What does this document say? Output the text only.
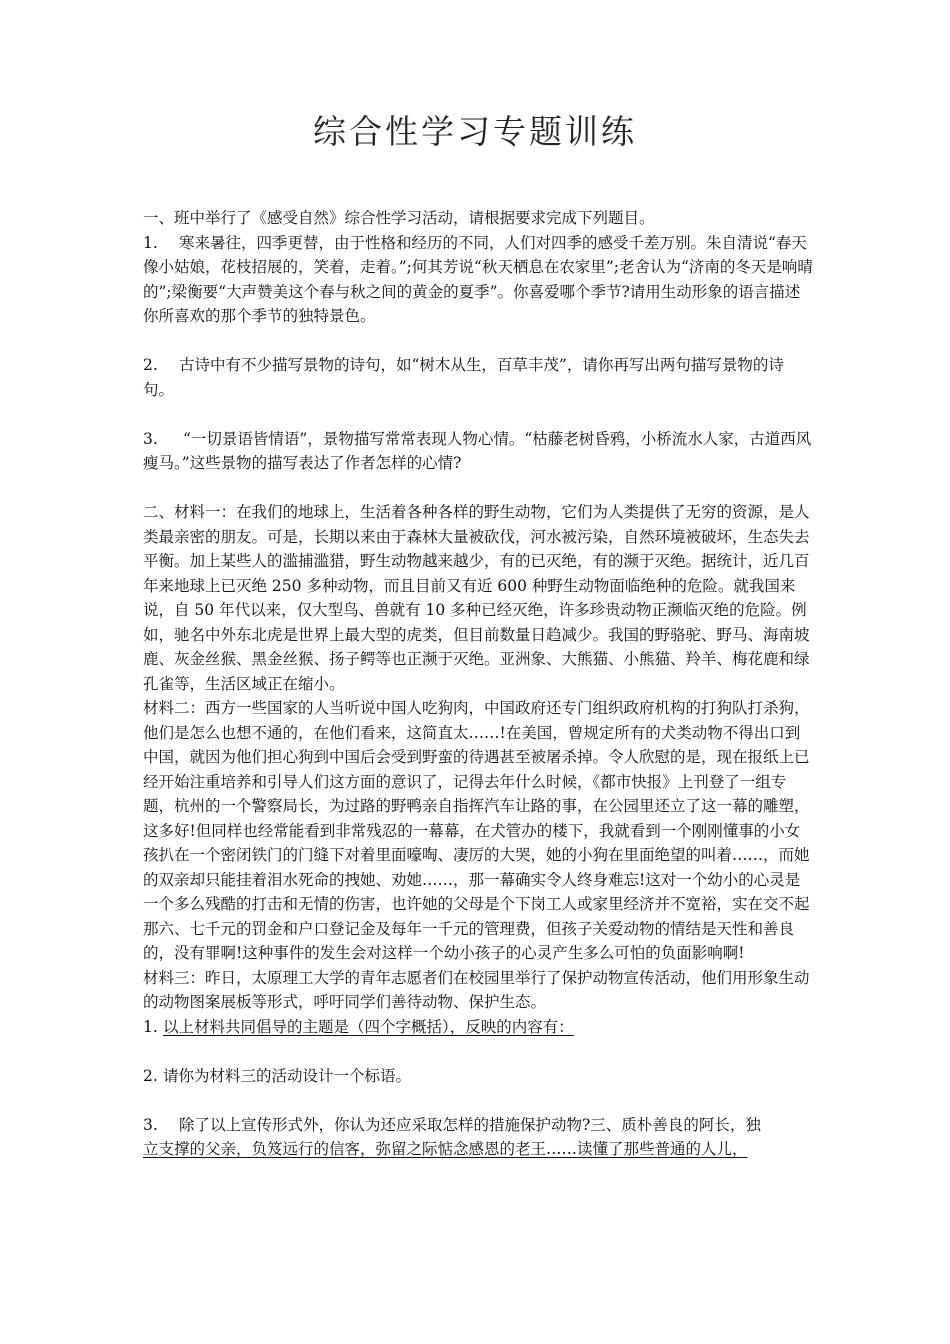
综合性学习专题训练

一、班中举行了《感受自然》综合性学习活动，请根据要求完成下列题目。

1. 寒来暑往，四季更替，由于性格和经历的不同，人们对四季的感受千差万别。朱自清说“春天像小姑娘，花枝招展的，笑着，走着。”;何其芳说“秋天栖息在农家里”;老舍认为“济南的冬天是响晴的”;梁衡要“大声赞美这个春与秋之间的黄金的夏季”。你喜爱哪个季节?请用生动形象的语言描述你所喜欢的那个季节的独特景色。

2. 古诗中有不少描写景物的诗句，如“树木从生，百草丰茂”，请你再写出两句描写景物的诗句。

3. “一切景语皆情语”，景物描写常常表现人物心情。“枯藤老树昏鸦，小桥流水人家，古道西风瘦马。”这些景物的描写表达了作者怎样的心情?

二、材料一：在我们的地球上，生活着各种各样的野生动物，它们为人类提供了无穷的资源，是人类最亲密的朋友。可是，长期以来由于森林大量被砍伐，河水被污染，自然环境被破坏，生态失去平衡。加上某些人的滥捕滥猎，野生动物越来越少，有的已灭绝，有的濒于灭绝。据统计，近几百年来地球上已灭绝 250 多种动物，而且目前又有近 600 种野生动物面临绝种的危险。就我国来说，自 50 年代以来，仅大型鸟、兽就有 10 多种已经灭绝，许多珍贵动物正濒临灭绝的危险。例如，驰名中外东北虎是世界上最大型的虎类，但目前数量日趋减少。我国的野骆驼、野马、海南坡鹿、灰金丝猴、黑金丝猴、扬子鳄等也正濒于灭绝。亚洲象、大熊猫、小熊猫、羚羊、梅花鹿和绿孔雀等，生活区域正在缩小。

材料二：西方一些国家的人当听说中国人吃狗肉，中国政府还专门组织政府机构的打狗队打杀狗，他们是怎么也想不通的，在他们看来，这简直太……!在美国，曾规定所有的犬类动物不得出口到中国，就因为他们担心狗到中国后会受到野蛮的待遇甚至被屠杀掉。令人欣慰的是，现在报纸上已经开始注重培养和引导人们这方面的意识了，记得去年什么时候，《都市快报》上刊登了一组专题，杭州的一个警察局长，为过路的野鸭亲自指挥汽车让路的事，在公园里还立了这一幕的雕塑，这多好!但同样也经常能看到非常残忍的一幕幕，在犬管办的楼下，我就看到一个刚刚懂事的小女孩扒在一个密闭铁门的门缝下对着里面嚎啕、凄厉的大哭，她的小狗在里面绝望的叫着……，而她的双亲却只能挂着泪水死命的拽她、劝她……，那一幕确实令人终身难忘!这对一个幼小的心灵是一个多么残酷的打击和无情的伤害，也许她的父母是个下岗工人或家里经济并不宽裕，实在交不起那六、七千元的罚金和户口登记金及每年一千元的管理费，但孩子关爱动物的情结是天性和善良的，没有罪啊!这种事件的发生会对这样一个幼小孩子的心灵产生多么可怕的负面影响啊!

材料三：昨日，太原理工大学的青年志愿者们在校园里举行了保护动物宣传活动，他们用形象生动的动物图案展板等形式，呼吁同学们善待动物、保护生态。

1. 以上材料共同倡导的主题是（四个字概括），反映的内容有：

2. 请你为材料三的活动设计一个标语。

3. 除了以上宣传形式外，你认为还应采取怎样的措施保护动物?三、质朴善良的阿长，独

立支撑的父亲，负笈远行的信客，弥留之际惦念感恩的老王……读懂了那些普通的人儿，
